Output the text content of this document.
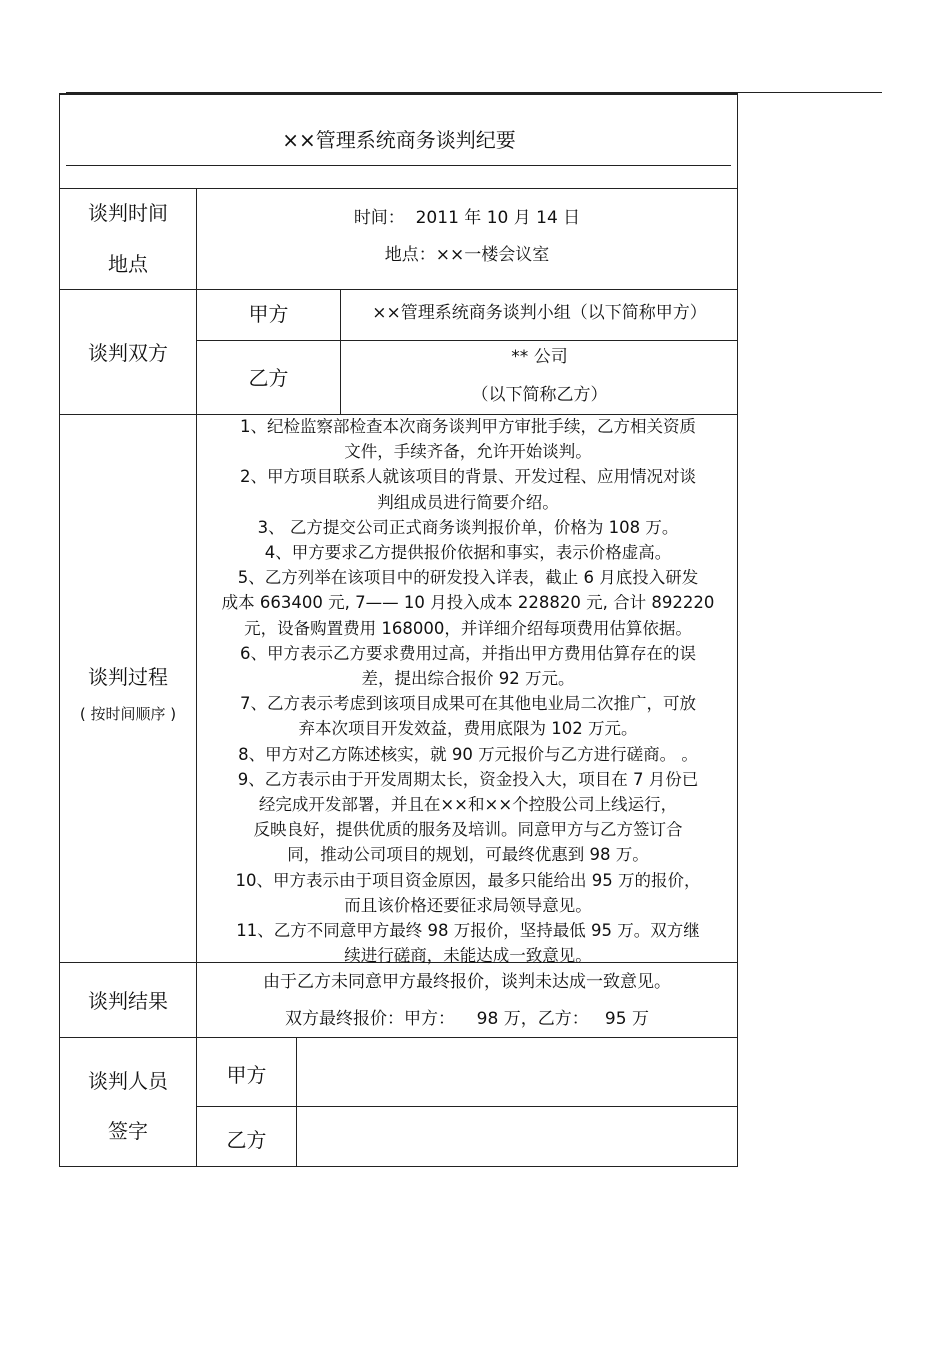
××管理系统商务谈判纪要
谈判时间
地点
时间：  2011 年 10 月 14 日
地点：××一楼会议室
谈判双方
甲方	××管理系统商务谈判小组（以下简称甲方）
乙方
** 公司
（以下简称乙方）
谈判过程
( 按时间顺序 )
1、纪检监察部检查本次商务谈判甲方审批手续，乙方相关资质
文件，手续齐备，允许开始谈判。
2、甲方项目联系人就该项目的背景、开发过程、应用情况对谈
判组成员进行简要介绍。
3、 乙方提交公司正式商务谈判报价单，价格为 108 万。
4、甲方要求乙方提供报价依据和事实，表示价格虚高。
5、乙方列举在该项目中的研发投入详表，截止 6 月底投入研发
成本 663400 元, 7—— 10 月投入成本 228820 元, 合计 892220
元，设备购置费用 168000，并详细介绍每项费用估算依据。
6、甲方表示乙方要求费用过高，并指出甲方费用估算存在的误
差，提出综合报价 92 万元。
7、乙方表示考虑到该项目成果可在其他电业局二次推广，可放
弃本次项目开发效益，费用底限为 102 万元。
8、甲方对乙方陈述核实，就 90 万元报价与乙方进行磋商。 。
9、乙方表示由于开发周期太长，资金投入大，项目在 7 月份已
经完成开发部署，并且在××和××个控股公司上线运行，
反映良好，提供优质的服务及培训。同意甲方与乙方签订合
同，推动公司项目的规划，可最终优惠到 98 万。
10、甲方表示由于项目资金原因，最多只能给出 95 万的报价，
而且该价格还要征求局领导意见。
11、乙方不同意甲方最终 98 万报价，坚持最低 95 万。双方继
续进行磋商，未能达成一致意见。
谈判结果
由于乙方未同意甲方最终报价，谈判未达成一致意见。
双方最终报价：甲方：    98 万，乙方：   95 万
谈判人员
签字
甲方
乙方
